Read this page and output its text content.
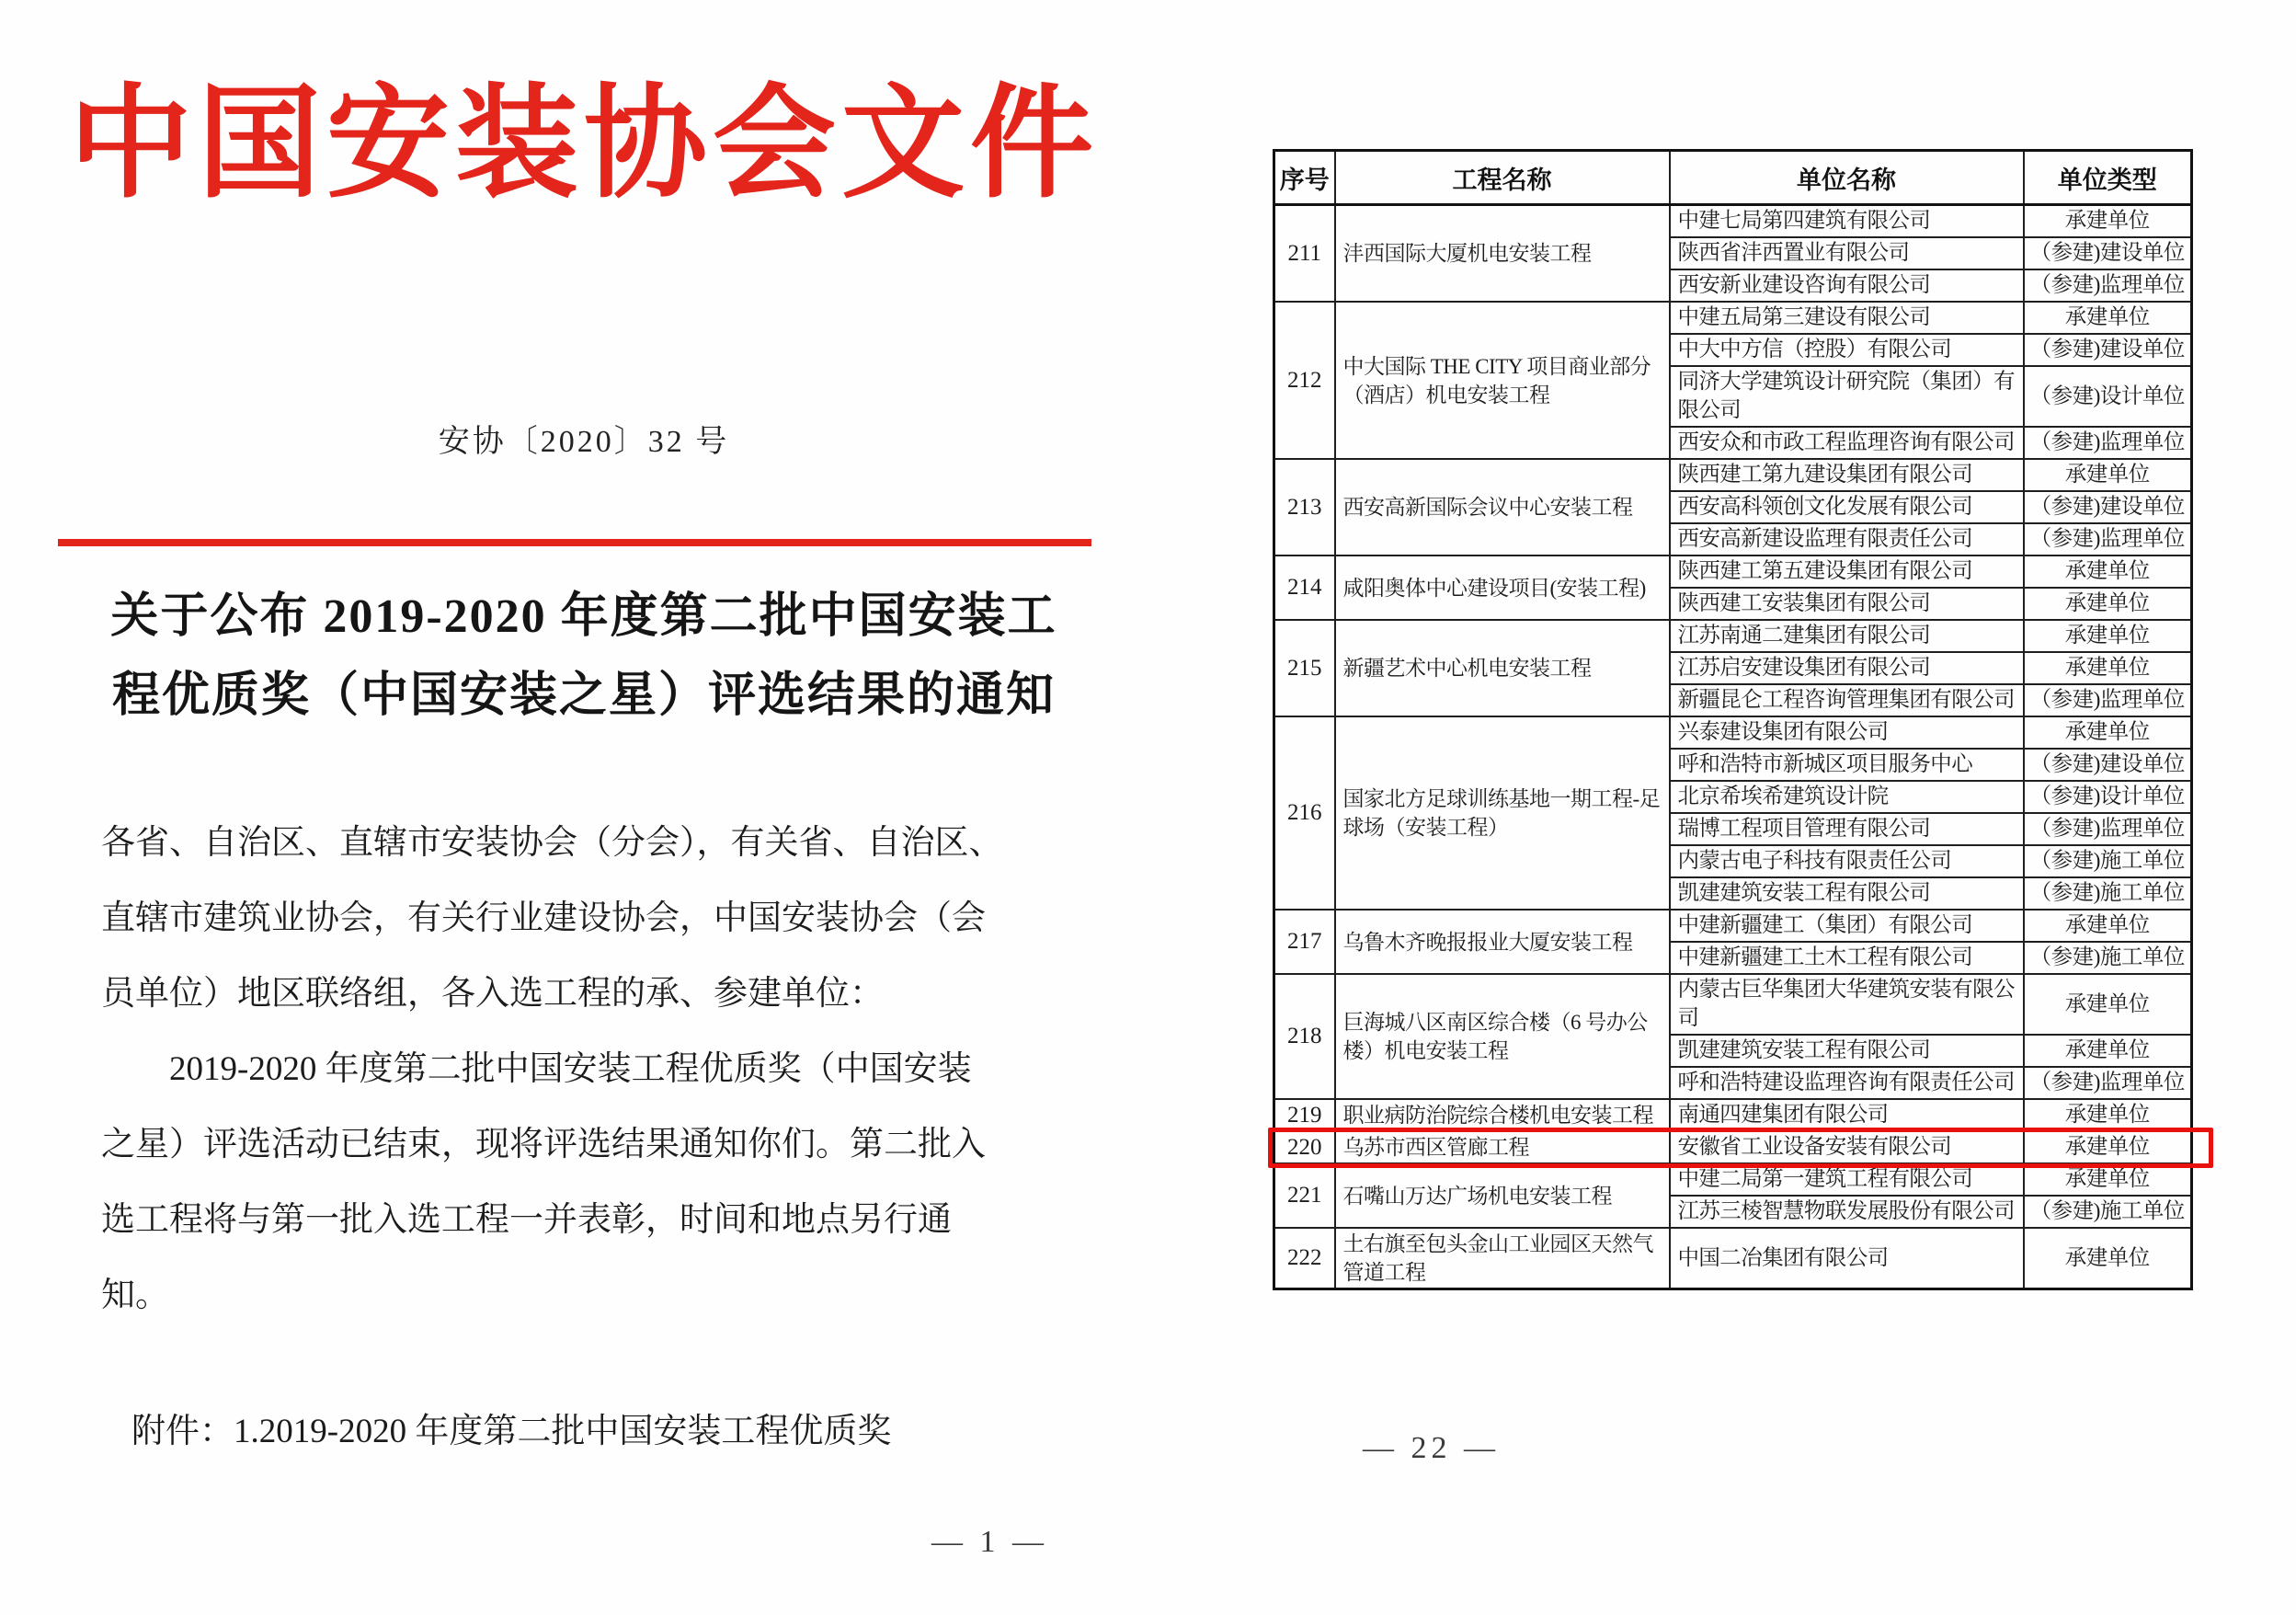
中国安装协会文件
安协〔2020〕32 号
关于公布 2019-2020 年度第二批中国安装工
程优质奖（中国安装之星）评选结果的通知
各省、自治区、直辖市安装协会（分会），有关省、自治区、
直辖市建筑业协会，有关行业建设协会，中国安装协会（会
员单位）地区联络组，各入选工程的承、参建单位：
2019-2020 年度第二批中国安装工程优质奖（中国安装
之星）评选活动已结束，现将评选结果通知你们。第二批入
选工程将与第一批入选工程一并表彰，时间和地点另行通
知。
附件：1.2019-2020 年度第二批中国安装工程优质奖
— 1 —
序号	工程名称	单位名称	单位类型
211	沣西国际大厦机电安装工程	中建七局第四建筑有限公司	承建单位
		陕西省沣西置业有限公司	（参建)建设单位
		西安新业建设咨询有限公司	（参建)监理单位
212	中大国际 THE CITY 项目商业部分（酒店）机电安装工程	中建五局第三建设有限公司	承建单位
		中大中方信（控股）有限公司	（参建)建设单位
		同济大学建筑设计研究院（集团）有限公司	（参建)设计单位
		西安众和市政工程监理咨询有限公司	（参建)监理单位
213	西安高新国际会议中心安装工程	陕西建工第九建设集团有限公司	承建单位
		西安高科领创文化发展有限公司	（参建)建设单位
		西安高新建设监理有限责任公司	（参建)监理单位
214	咸阳奥体中心建设项目(安装工程)	陕西建工第五建设集团有限公司	承建单位
		陕西建工安装集团有限公司	承建单位
215	新疆艺术中心机电安装工程	江苏南通二建集团有限公司	承建单位
		江苏启安建设集团有限公司	承建单位
		新疆昆仑工程咨询管理集团有限公司	（参建)监理单位
216	国家北方足球训练基地一期工程-足球场（安装工程）	兴泰建设集团有限公司	承建单位
		呼和浩特市新城区项目服务中心	（参建)建设单位
		北京希埃希建筑设计院	（参建)设计单位
		瑞博工程项目管理有限公司	（参建)监理单位
		内蒙古电子科技有限责任公司	（参建)施工单位
		凯建建筑安装工程有限公司	（参建)施工单位
217	乌鲁木齐晚报报业大厦安装工程	中建新疆建工（集团）有限公司	承建单位
		中建新疆建工土木工程有限公司	（参建)施工单位
218	巨海城八区南区综合楼（6 号办公楼）机电安装工程	内蒙古巨华集团大华建筑安装有限公司	承建单位
		凯建建筑安装工程有限公司	承建单位
		呼和浩特建设监理咨询有限责任公司	（参建)监理单位
219	职业病防治院综合楼机电安装工程	南通四建集团有限公司	承建单位
220	乌苏市西区管廊工程	安徽省工业设备安装有限公司	承建单位
221	石嘴山万达广场机电安装工程	中建二局第一建筑工程有限公司	承建单位
		江苏三棱智慧物联发展股份有限公司	（参建)施工单位
222	土右旗至包头金山工业园区天然气管道工程	中国二冶集团有限公司	承建单位
— 22 —
